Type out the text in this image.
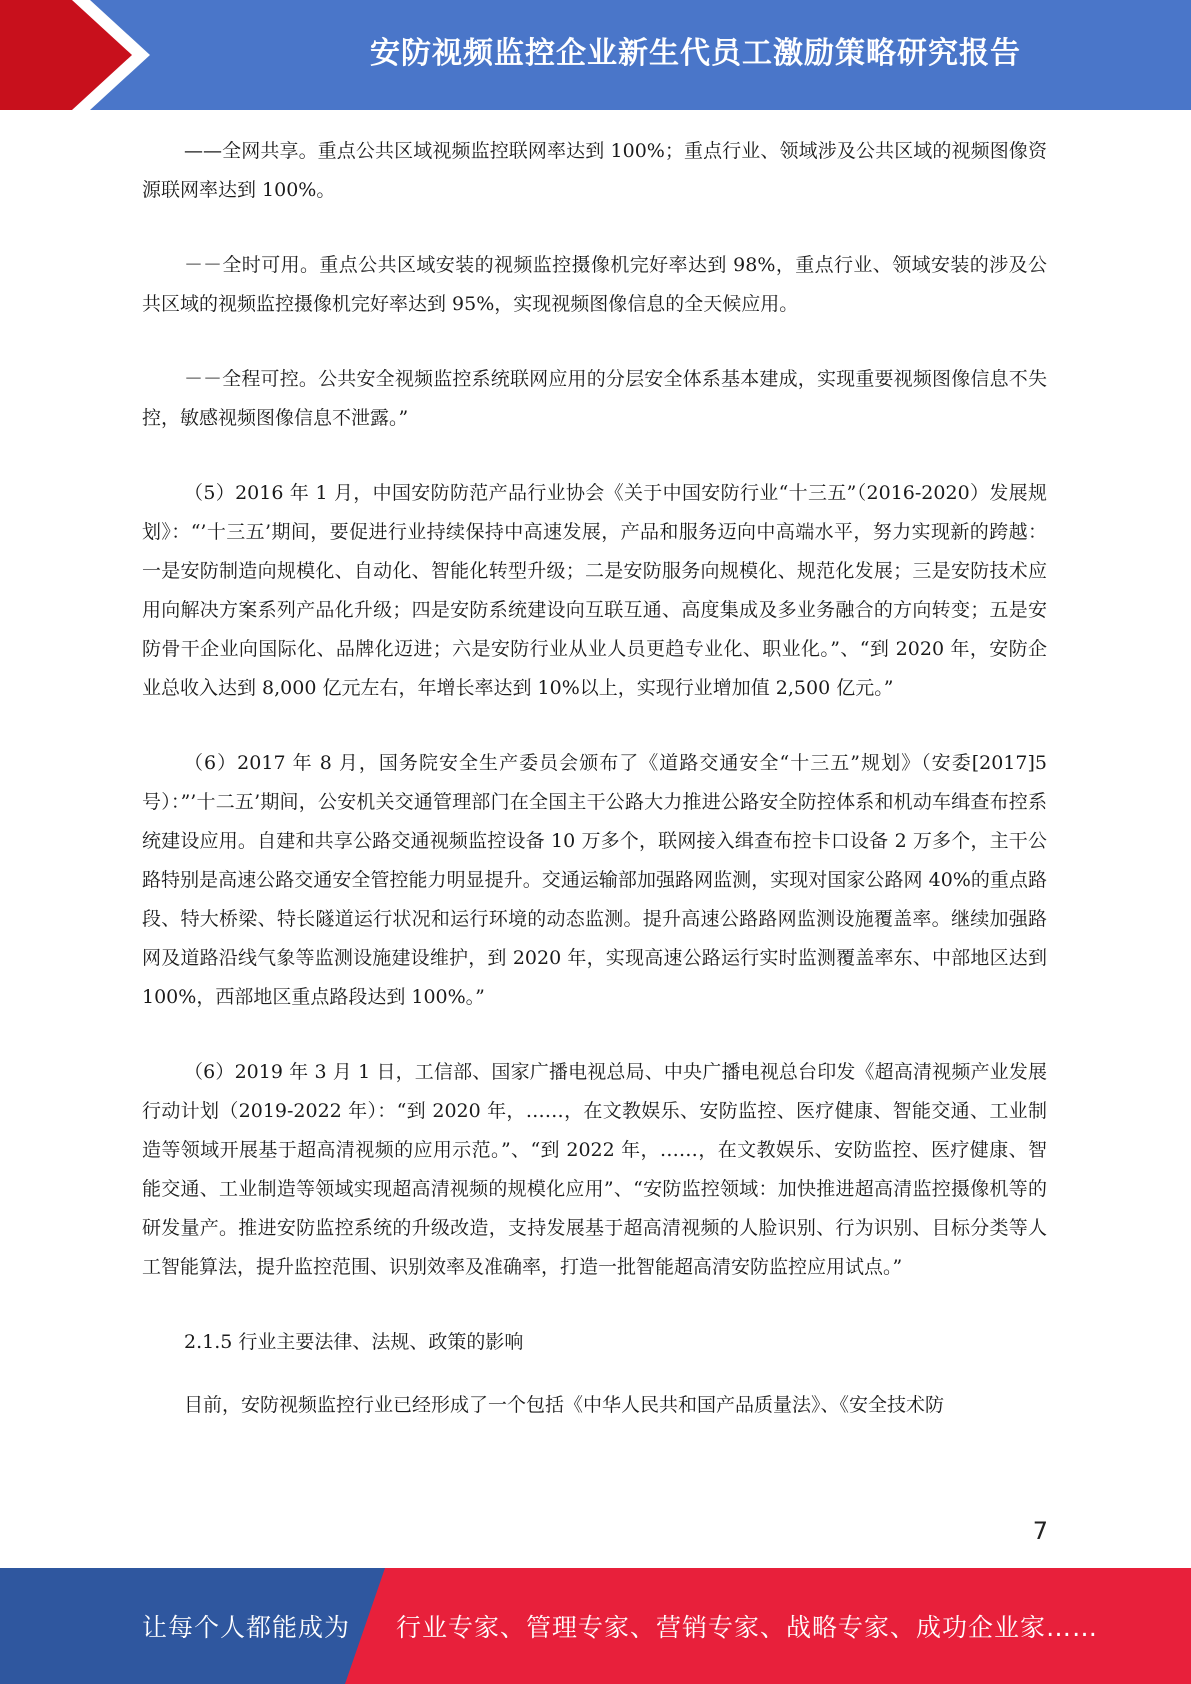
安防视频监控企业新生代员工激励策略研究报告

——全网共享。重点公共区域视频监控联网率达到 100%；重点行业、领域涉及公共区域的视频图像资源联网率达到 100%。

－－全时可用。重点公共区域安装的视频监控摄像机完好率达到 98%，重点行业、领域安装的涉及公共区域的视频监控摄像机完好率达到 95%，实现视频图像信息的全天候应用。

－－全程可控。公共安全视频监控系统联网应用的分层安全体系基本建成，实现重要视频图像信息不失控，敏感视频图像信息不泄露。”

（5）2016 年 1 月，中国安防防范产品行业协会《关于中国安防行业“十三五”（2016-2020）发展规划》：“’十三五’期间，要促进行业持续保持中高速发展，产品和服务迈向中高端水平，努力实现新的跨越：一是安防制造向规模化、自动化、智能化转型升级；二是安防服务向规模化、规范化发展；三是安防技术应用向解决方案系列产品化升级；四是安防系统建设向互联互通、高度集成及多业务融合的方向转变；五是安防骨干企业向国际化、品牌化迈进；六是安防行业从业人员更趋专业化、职业化。”、“到 2020 年，安防企业总收入达到 8,000 亿元左右，年增长率达到 10%以上，实现行业增加值 2,500 亿元。”

（6）2017 年 8 月，国务院安全生产委员会颁布了《道路交通安全“十三五”规划》（安委[2017]5 号）：”’十二五’期间，公安机关交通管理部门在全国主干公路大力推进公路安全防控体系和机动车缉查布控系统建设应用。自建和共享公路交通视频监控设备 10 万多个，联网接入缉查布控卡口设备 2 万多个，主干公路特别是高速公路交通安全管控能力明显提升。交通运输部加强路网监测，实现对国家公路网 40%的重点路段、特大桥梁、特长隧道运行状况和运行环境的动态监测。提升高速公路路网监测设施覆盖率。继续加强路网及道路沿线气象等监测设施建设维护，到 2020 年，实现高速公路运行实时监测覆盖率东、中部地区达到 100%，西部地区重点路段达到 100%。”

（6）2019 年 3 月 1 日，工信部、国家广播电视总局、中央广播电视总台印发《超高清视频产业发展行动计划（2019-2022 年）：“到 2020 年，……，在文教娱乐、安防监控、医疗健康、智能交通、工业制造等领域开展基于超高清视频的应用示范。”、“到 2022 年，……，在文教娱乐、安防监控、医疗健康、智能交通、工业制造等领域实现超高清视频的规模化应用”、“安防监控领域：加快推进超高清监控摄像机等的研发量产。推进安防监控系统的升级改造，支持发展基于超高清视频的人脸识别、行为识别、目标分类等人工智能算法，提升监控范围、识别效率及准确率，打造一批智能超高清安防监控应用试点。”

2.1.5 行业主要法律、法规、政策的影响

目前，安防视频监控行业已经形成了一个包括《中华人民共和国产品质量法》、《安全技术防

7
让每个人都能成为 行业专家、管理专家、营销专家、战略专家、成功企业家……
